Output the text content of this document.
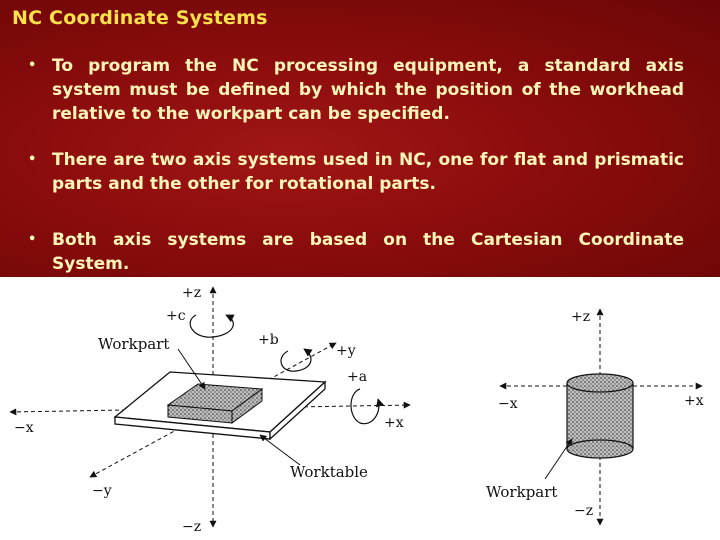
NC Coordinate Systems
• To program the NC processing equipment, a standard axis system must be defined by which the position of the workhead relative to the workpart can be specified.
• There are two axis systems used in NC, one for flat and prismatic parts and the other for rotational parts.
• Both axis systems are based on the Cartesian Coordinate System.
+z
+c
Workpart	+b
+y
+a
+x
−x
Worktable
−y
−z
+z
−x	+x
Workpart
−z
